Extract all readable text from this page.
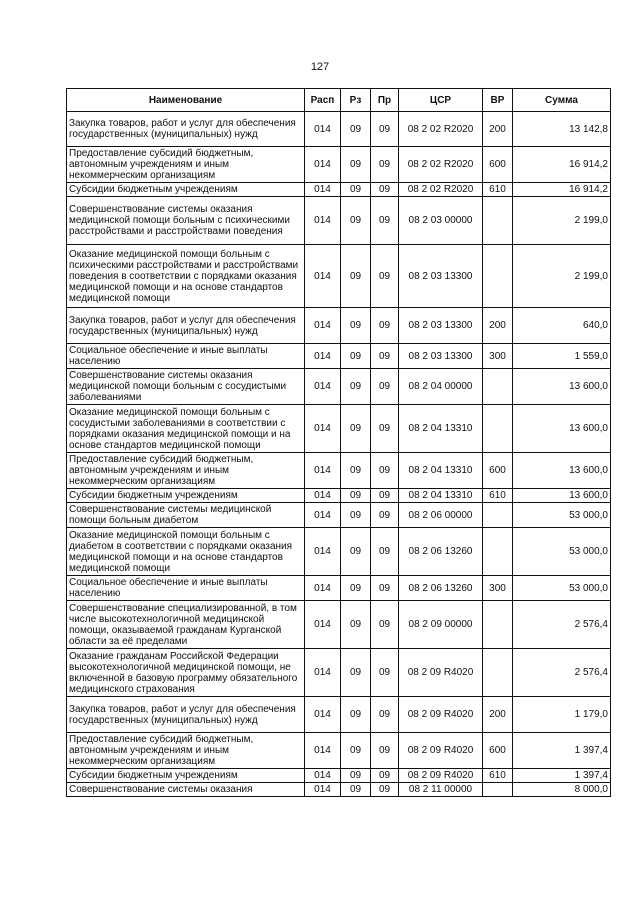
127
Наименование	Расп	Рз	Пр	ЦСР	ВР	Сумма
Закупка товаров, работ и услуг для обеспечения государственных (муниципальных) нужд	014	09	09	08 2 02 R2020	200	13 142,8
Предоставление субсидий бюджетным, автономным учреждениям и иным некоммерческим организациям	014	09	09	08 2 02 R2020	600	16 914,2
Субсидии бюджетным учреждениям	014	09	09	08 2 02 R2020	610	16 914,2
Совершенствование системы оказания медицинской помощи больным с психическими расстройствами и расстройствами поведения	014	09	09	08 2 03 00000		2 199,0
Оказание медицинской помощи больным с психическими расстройствами и расстройствами поведения в соответствии с порядками оказания медицинской помощи и на основе стандартов медицинской помощи	014	09	09	08 2 03 13300		2 199,0
Закупка товаров, работ и услуг для обеспечения государственных (муниципальных) нужд	014	09	09	08 2 03 13300	200	640,0
Социальное обеспечение и иные выплаты населению	014	09	09	08 2 03 13300	300	1 559,0
Совершенствование системы оказания медицинской помощи больным с сосудистыми заболеваниями	014	09	09	08 2 04 00000		13 600,0
Оказание медицинской помощи больным с сосудистыми заболеваниями в соответствии с порядками оказания медицинской помощи и на основе стандартов медицинской помощи	014	09	09	08 2 04 13310		13 600,0
Предоставление субсидий бюджетным, автономным учреждениям и иным некоммерческим организациям	014	09	09	08 2 04 13310	600	13 600,0
Субсидии бюджетным учреждениям	014	09	09	08 2 04 13310	610	13 600,0
Совершенствование системы медицинской помощи больным диабетом	014	09	09	08 2 06 00000		53 000,0
Оказание медицинской помощи больным с диабетом в соответствии с порядками оказания медицинской помощи и на основе стандартов медицинской помощи	014	09	09	08 2 06 13260		53 000,0
Социальное обеспечение и иные выплаты населению	014	09	09	08 2 06 13260	300	53 000,0
Совершенствование специализированной, в том числе высокотехнологичной медицинской помощи, оказываемой гражданам Курганской области за её пределами	014	09	09	08 2 09 00000		2 576,4
Оказание гражданам Российской Федерации высокотехнологичной медицинской помощи, не включенной в базовую программу обязательного медицинского страхования	014	09	09	08 2 09 R4020		2 576,4
Закупка товаров, работ и услуг для обеспечения государственных (муниципальных) нужд	014	09	09	08 2 09 R4020	200	1 179,0
Предоставление субсидий бюджетным, автономным учреждениям и иным некоммерческим организациям	014	09	09	08 2 09 R4020	600	1 397,4
Субсидии бюджетным учреждениям	014	09	09	08 2 09 R4020	610	1 397,4
Совершенствование системы оказания	014	09	09	08 2 11 00000		8 000,0
